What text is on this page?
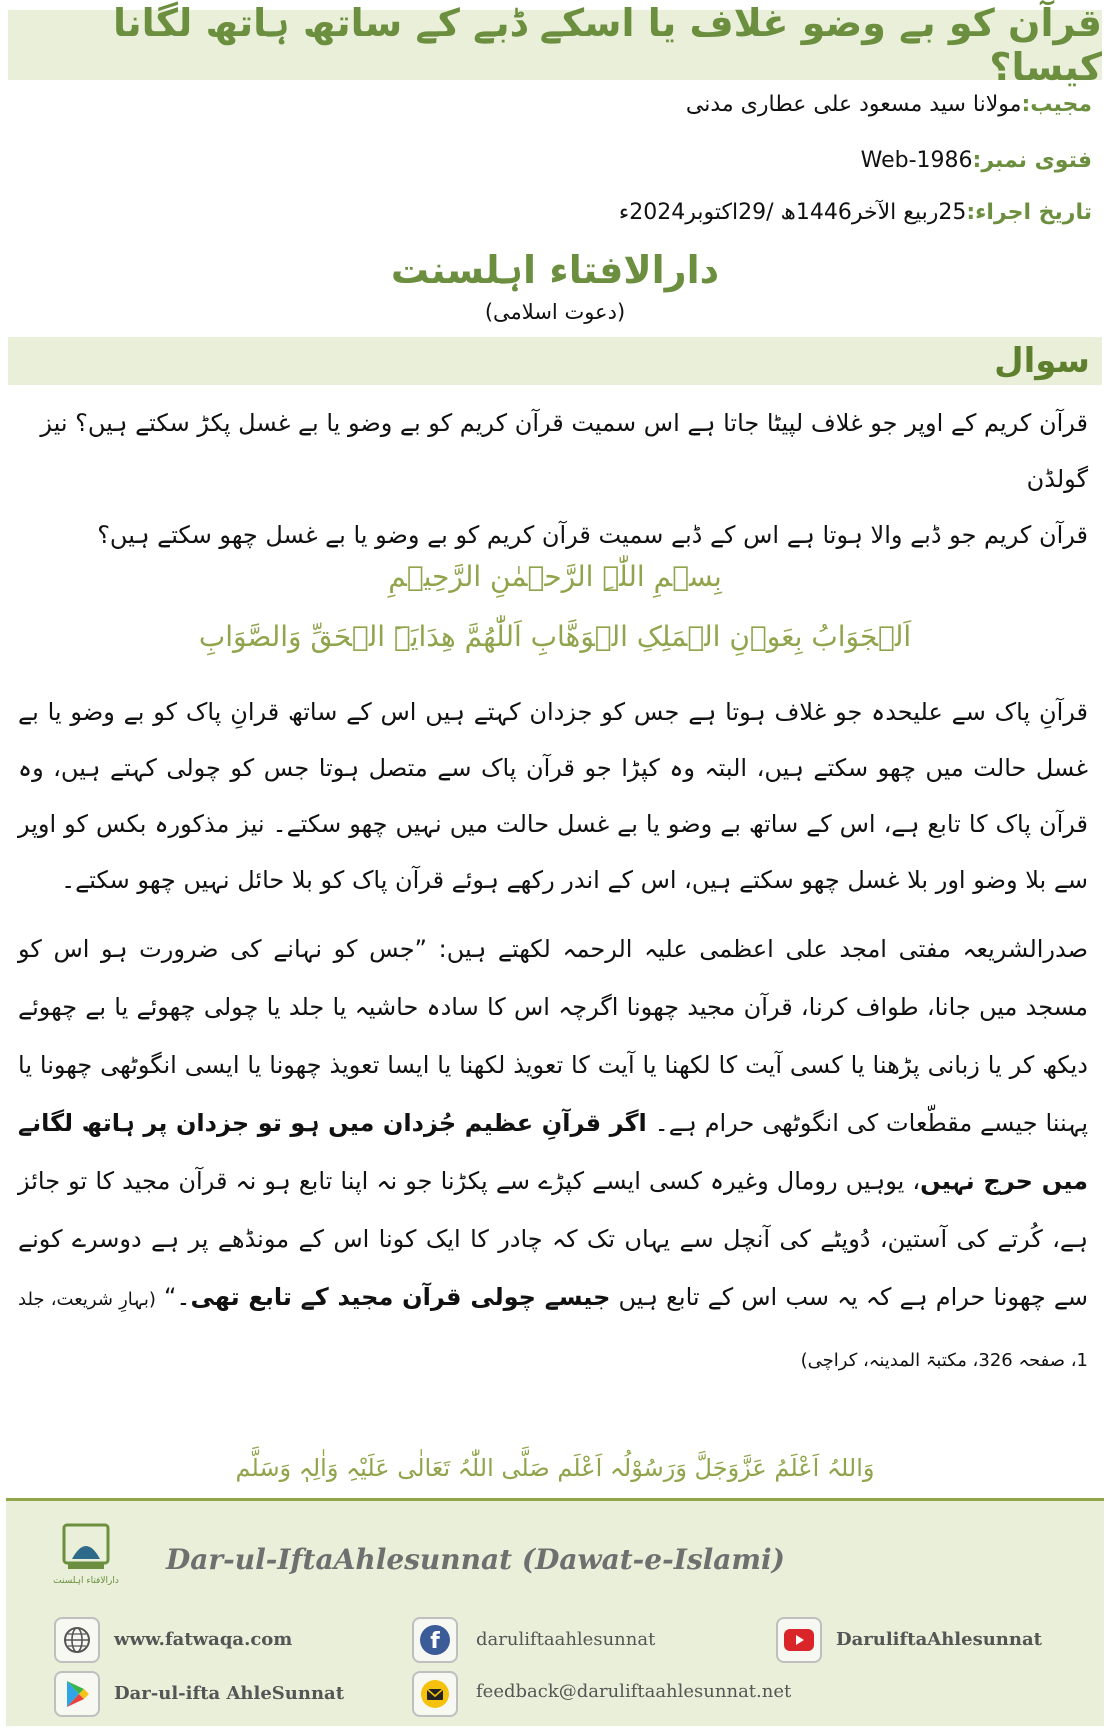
قرآن کو بے وضو غلاف یا اسکے ڈبے کے ساتھ ہاتھ لگانا کیسا؟
مجیب:مولانا سید مسعود علی عطاری مدنی
فتوی نمبر:Web-1986
تاریخ اجراء:25ربیع الآخر1446ھ /29اکتوبر2024ء
دارالافتاء اہلسنت
(دعوت اسلامی)
سوال
قرآن کریم کے اوپر جو غلاف لپیٹا جاتا ہے اس سمیت قرآن کریم کو بے وضو یا بے غسل پکڑ سکتے ہیں؟ نیز گولڈن
قرآن کریم جو ڈبے والا ہوتا ہے اس کے ڈبے سمیت قرآن کریم کو بے وضو یا بے غسل چھو سکتے ہیں؟
بِسۡمِ اللّٰہِ الرَّحۡمٰنِ الرَّحِیۡمِ
اَلۡجَوَابُ بِعَوۡنِ الۡمَلِکِ الۡوَھَّابِ اَللّٰھُمَّ ھِدَایَۃَ الۡحَقِّ وَالصَّوَابِ
قرآنِ پاک سے علیحدہ جو غلاف ہوتا ہے جس کو جزدان کہتے ہیں اس کے ساتھ قرانِ پاک کو بے وضو یا بے غسل حالت میں چھو سکتے ہیں، البتہ وہ کپڑا جو قرآن پاک سے متصل ہوتا جس کو چولی کہتے ہیں، وہ قرآن پاک کا تابع ہے، اس کے ساتھ بے وضو یا بے غسل حالت میں نہیں چھو سکتے۔ نیز مذکورہ بکس کو اوپر سے بلا وضو اور بلا غسل چھو سکتے ہیں، اس کے اندر رکھے ہوئے قرآن پاک کو بلا حائل نہیں چھو سکتے۔
صدرالشریعہ مفتی امجد علی اعظمی علیہ الرحمہ لکھتے ہیں: ”جس کو نہانے کی ضرورت ہو اس کو مسجد میں جانا، طواف کرنا، قرآن مجید چھونا اگرچہ اس کا سادہ حاشیہ یا جلد یا چولی چھوئے یا بے چھوئے دیکھ کر یا زبانی پڑھنا یا کسی آیت کا لکھنا یا آیت کا تعویذ لکھنا یا ایسا تعویذ چھونا یا ایسی انگوٹھی چھونا یا پہننا جیسے مقطّعات کی انگوٹھی حرام ہے۔ اگر قرآنِ عظیم جُزدان میں ہو تو جزدان پر ہاتھ لگانے میں حرج نہیں، یوہیں رومال وغیرہ کسی ایسے کپڑے سے پکڑنا جو نہ اپنا تابع ہو نہ قرآن مجید کا تو جائز ہے، کُرتے کی آستین، دُوپٹے کی آنچل سے یہاں تک کہ چادر کا ایک کونا اس کے مونڈھے پر ہے دوسرے کونے سے چھونا حرام ہے کہ یہ سب اس کے تابع ہیں جیسے چولی قرآن مجید کے تابع تھی۔“ (بہارِ شریعت، جلد 1، صفحہ 326، مکتبۃ المدینہ، کراچی)
وَاللہُ اَعْلَمُ عَزَّوَجَلَّ وَرَسُوْلُہ اَعْلَم صَلَّی اللّٰہُ تَعَالٰی عَلَیْہِ وَاٰلِہٖ وَسَلَّم
دارالافتاء اہلسنت
Dar-ul-IftaAhlesunnat (Dawat-e-Islami)
www.fatwaqa.com	f daruliftaahlesunnat	DaruliftaAhlesunnat
Dar-ul-ifta AhleSunnat	feedback@daruliftaahlesunnat.net
